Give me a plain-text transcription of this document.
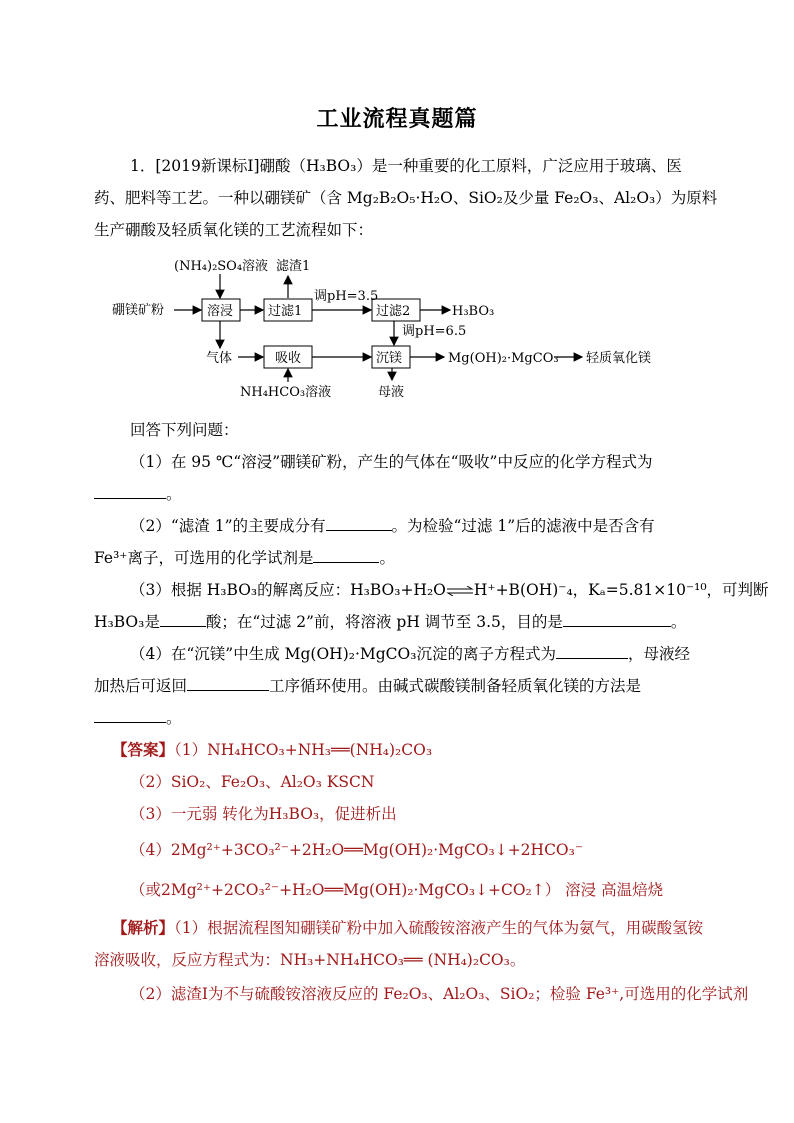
工业流程真题篇
1．[2019新课标Ⅰ]硼酸（H₃BO₃）是一种重要的化工原料，广泛应用于玻璃、医
药、肥料等工艺。一种以硼镁矿（含 Mg₂B₂O₅·H₂O、SiO₂及少量 Fe₂O₃、Al₂O₃）为原料
生产硼酸及轻质氧化镁的工艺流程如下：
(NH₄)₂SO₄溶液 滤渣1
溶浸	过滤1	过滤2
吸收	沉镁
硼镁矿粉
调pH=3.5
H₃BO₃
调pH=6.5
气体	Mg(OH)₂·MgCO₃ 轻质氧化镁
NH₄HCO₃溶液	母液
回答下列问题：
（1）在 95 ℃“溶浸”硼镁矿粉，产生的气体在“吸收”中反应的化学方程式为
。
（2）“滤渣 1”的主要成分有	。为检验“过滤 1”后的滤液中是否含有
Fe³⁺离子，可选用的化学试剂是	。
（3）根据 H₃BO₃的解离反应：H₃BO₃+H₂O⇌H⁺+B(OH)⁻₄，Kₐ=5.81×10⁻¹⁰，可判断
H₃BO₃是	酸；在“过滤 2”前，将溶液 pH 调节至 3.5，目的是	。
（4）在“沉镁”中生成 Mg(OH)₂·MgCO₃沉淀的离子方程式为	，母液经
加热后可返回	工序循环使用。由碱式碳酸镁制备轻质氧化镁的方法是
。
【答案】（1）NH₄HCO₃+NH₃══(NH₄)₂CO₃
（2）SiO₂、Fe₂O₃、Al₂O₃ KSCN
（3）一元弱 转化为H₃BO₃，促进析出
（4）2Mg²⁺+3CO₃²⁻+2H₂O══Mg(OH)₂·MgCO₃↓+2HCO₃⁻
（或2Mg²⁺+2CO₃²⁻+H₂O══Mg(OH)₂·MgCO₃↓+CO₂↑） 溶浸 高温焙烧
【解析】（1）根据流程图知硼镁矿粉中加入硫酸铵溶液产生的气体为氨气，用碳酸氢铵
溶液吸收，反应方程式为：NH₃+NH₄HCO₃══ (NH₄)₂CO₃。
（2）滤渣Ⅰ为不与硫酸铵溶液反应的 Fe₂O₃、Al₂O₃、SiO₂；检验 Fe³⁺,可选用的化学试剂
